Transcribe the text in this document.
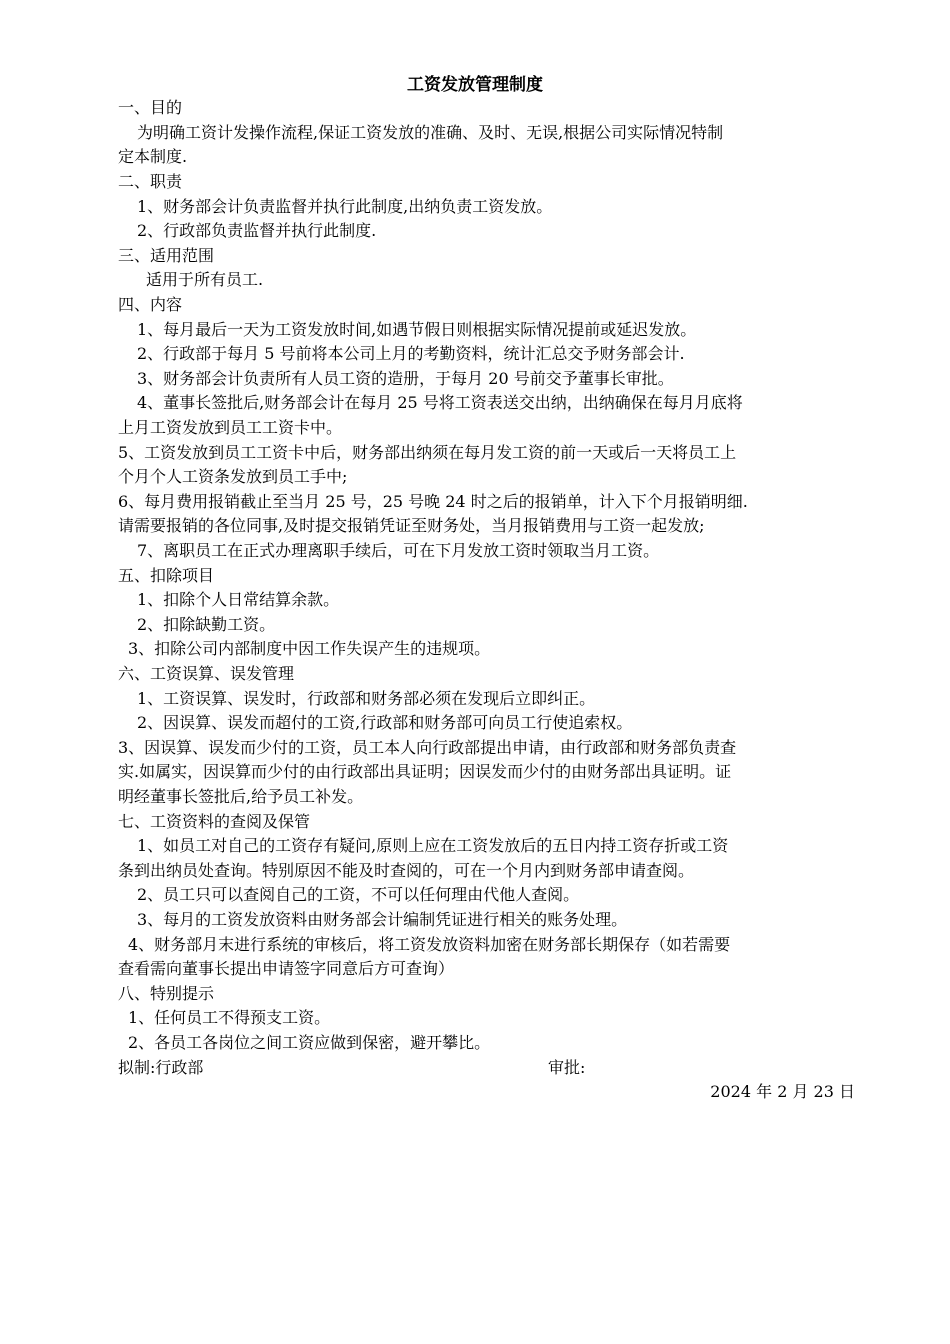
工资发放管理制度
一、目的
为明确工资计发操作流程,保证工资发放的准确、及时、无误,根据公司实际情况特制
定本制度.
二、职责
1、财务部会计负责监督并执行此制度,出纳负责工资发放。
2、行政部负责监督并执行此制度.
三、适用范围
适用于所有员工.
四、内容
1、每月最后一天为工资发放时间,如遇节假日则根据实际情况提前或延迟发放。
2、行政部于每月 5 号前将本公司上月的考勤资料，统计汇总交予财务部会计.
3、财务部会计负责所有人员工资的造册，于每月 20 号前交予董事长审批。
4、董事长签批后,财务部会计在每月 25 号将工资表送交出纳，出纳确保在每月月底将
上月工资发放到员工工资卡中。
5、工资发放到员工工资卡中后，财务部出纳须在每月发工资的前一天或后一天将员工上
个月个人工资条发放到员工手中;
6、每月费用报销截止至当月 25 号，25 号晚 24 时之后的报销单，计入下个月报销明细.
请需要报销的各位同事,及时提交报销凭证至财务处，当月报销费用与工资一起发放;
7、离职员工在正式办理离职手续后，可在下月发放工资时领取当月工资。
五、扣除项目
1、扣除个人日常结算余款。
2、扣除缺勤工资。
3、扣除公司内部制度中因工作失误产生的违规项。
六、工资误算、误发管理
1、工资误算、误发时，行政部和财务部必须在发现后立即纠正。
2、因误算、误发而超付的工资,行政部和财务部可向员工行使追索权。
3、因误算、误发而少付的工资，员工本人向行政部提出申请，由行政部和财务部负责查
实.如属实，因误算而少付的由行政部出具证明；因误发而少付的由财务部出具证明。证
明经董事长签批后,给予员工补发。
七、工资资料的查阅及保管
1、如员工对自己的工资存有疑问,原则上应在工资发放后的五日内持工资存折或工资
条到出纳员处查询。特别原因不能及时查阅的，可在一个月内到财务部申请查阅。
2、员工只可以查阅自己的工资，不可以任何理由代他人查阅。
3、每月的工资发放资料由财务部会计编制凭证进行相关的账务处理。
4、财务部月末进行系统的审核后，将工资发放资料加密在财务部长期保存（如若需要
查看需向董事长提出申请签字同意后方可查询）
八、特别提示
1、任何员工不得预支工资。
2、各员工各岗位之间工资应做到保密，避开攀比。
拟制:行政部	审批:
2024 年 2 月 23 日
